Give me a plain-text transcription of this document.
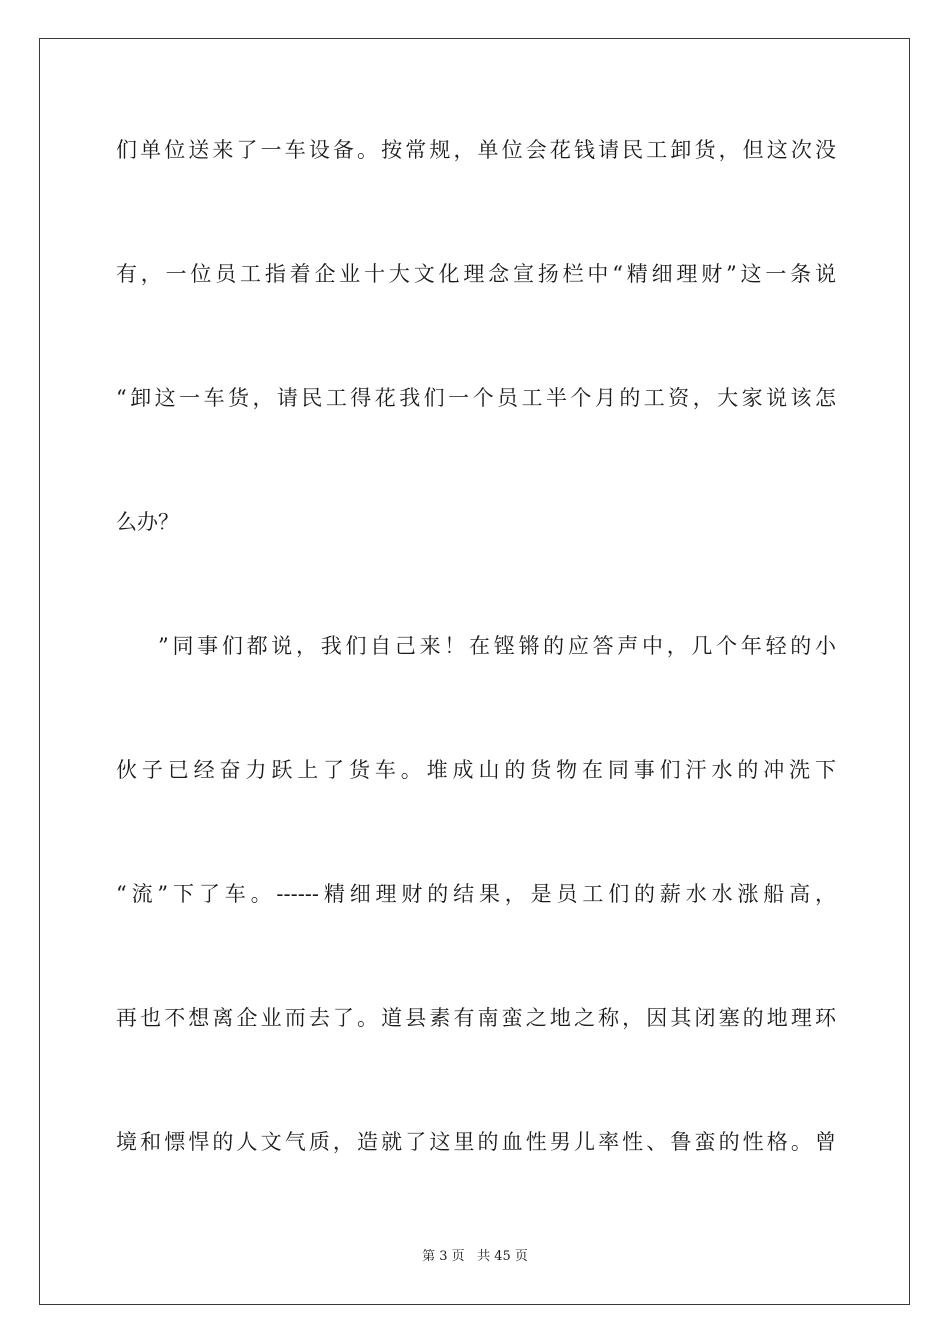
们单位送来了一车设备。按常规，单位会花钱请民工卸货，但这次没
有，一位员工指着企业十大文化理念宣扬栏中“精细理财”这一条说
“卸这一车货，请民工得花我们一个员工半个月的工资，大家说该怎
么办？
”同事们都说，我们自己来！在铿锵的应答声中，几个年轻的小
伙子已经奋力跃上了货车。堆成山的货物在同事们汗水的冲洗下
“流”下了车。------精细理财的结果，是员工们的薪水水涨船高，
再也不想离企业而去了。道县素有南蛮之地之称，因其闭塞的地理环
境和慓悍的人文气质，造就了这里的血性男儿率性、鲁蛮的性格。曾
第 3 页 共 45 页
